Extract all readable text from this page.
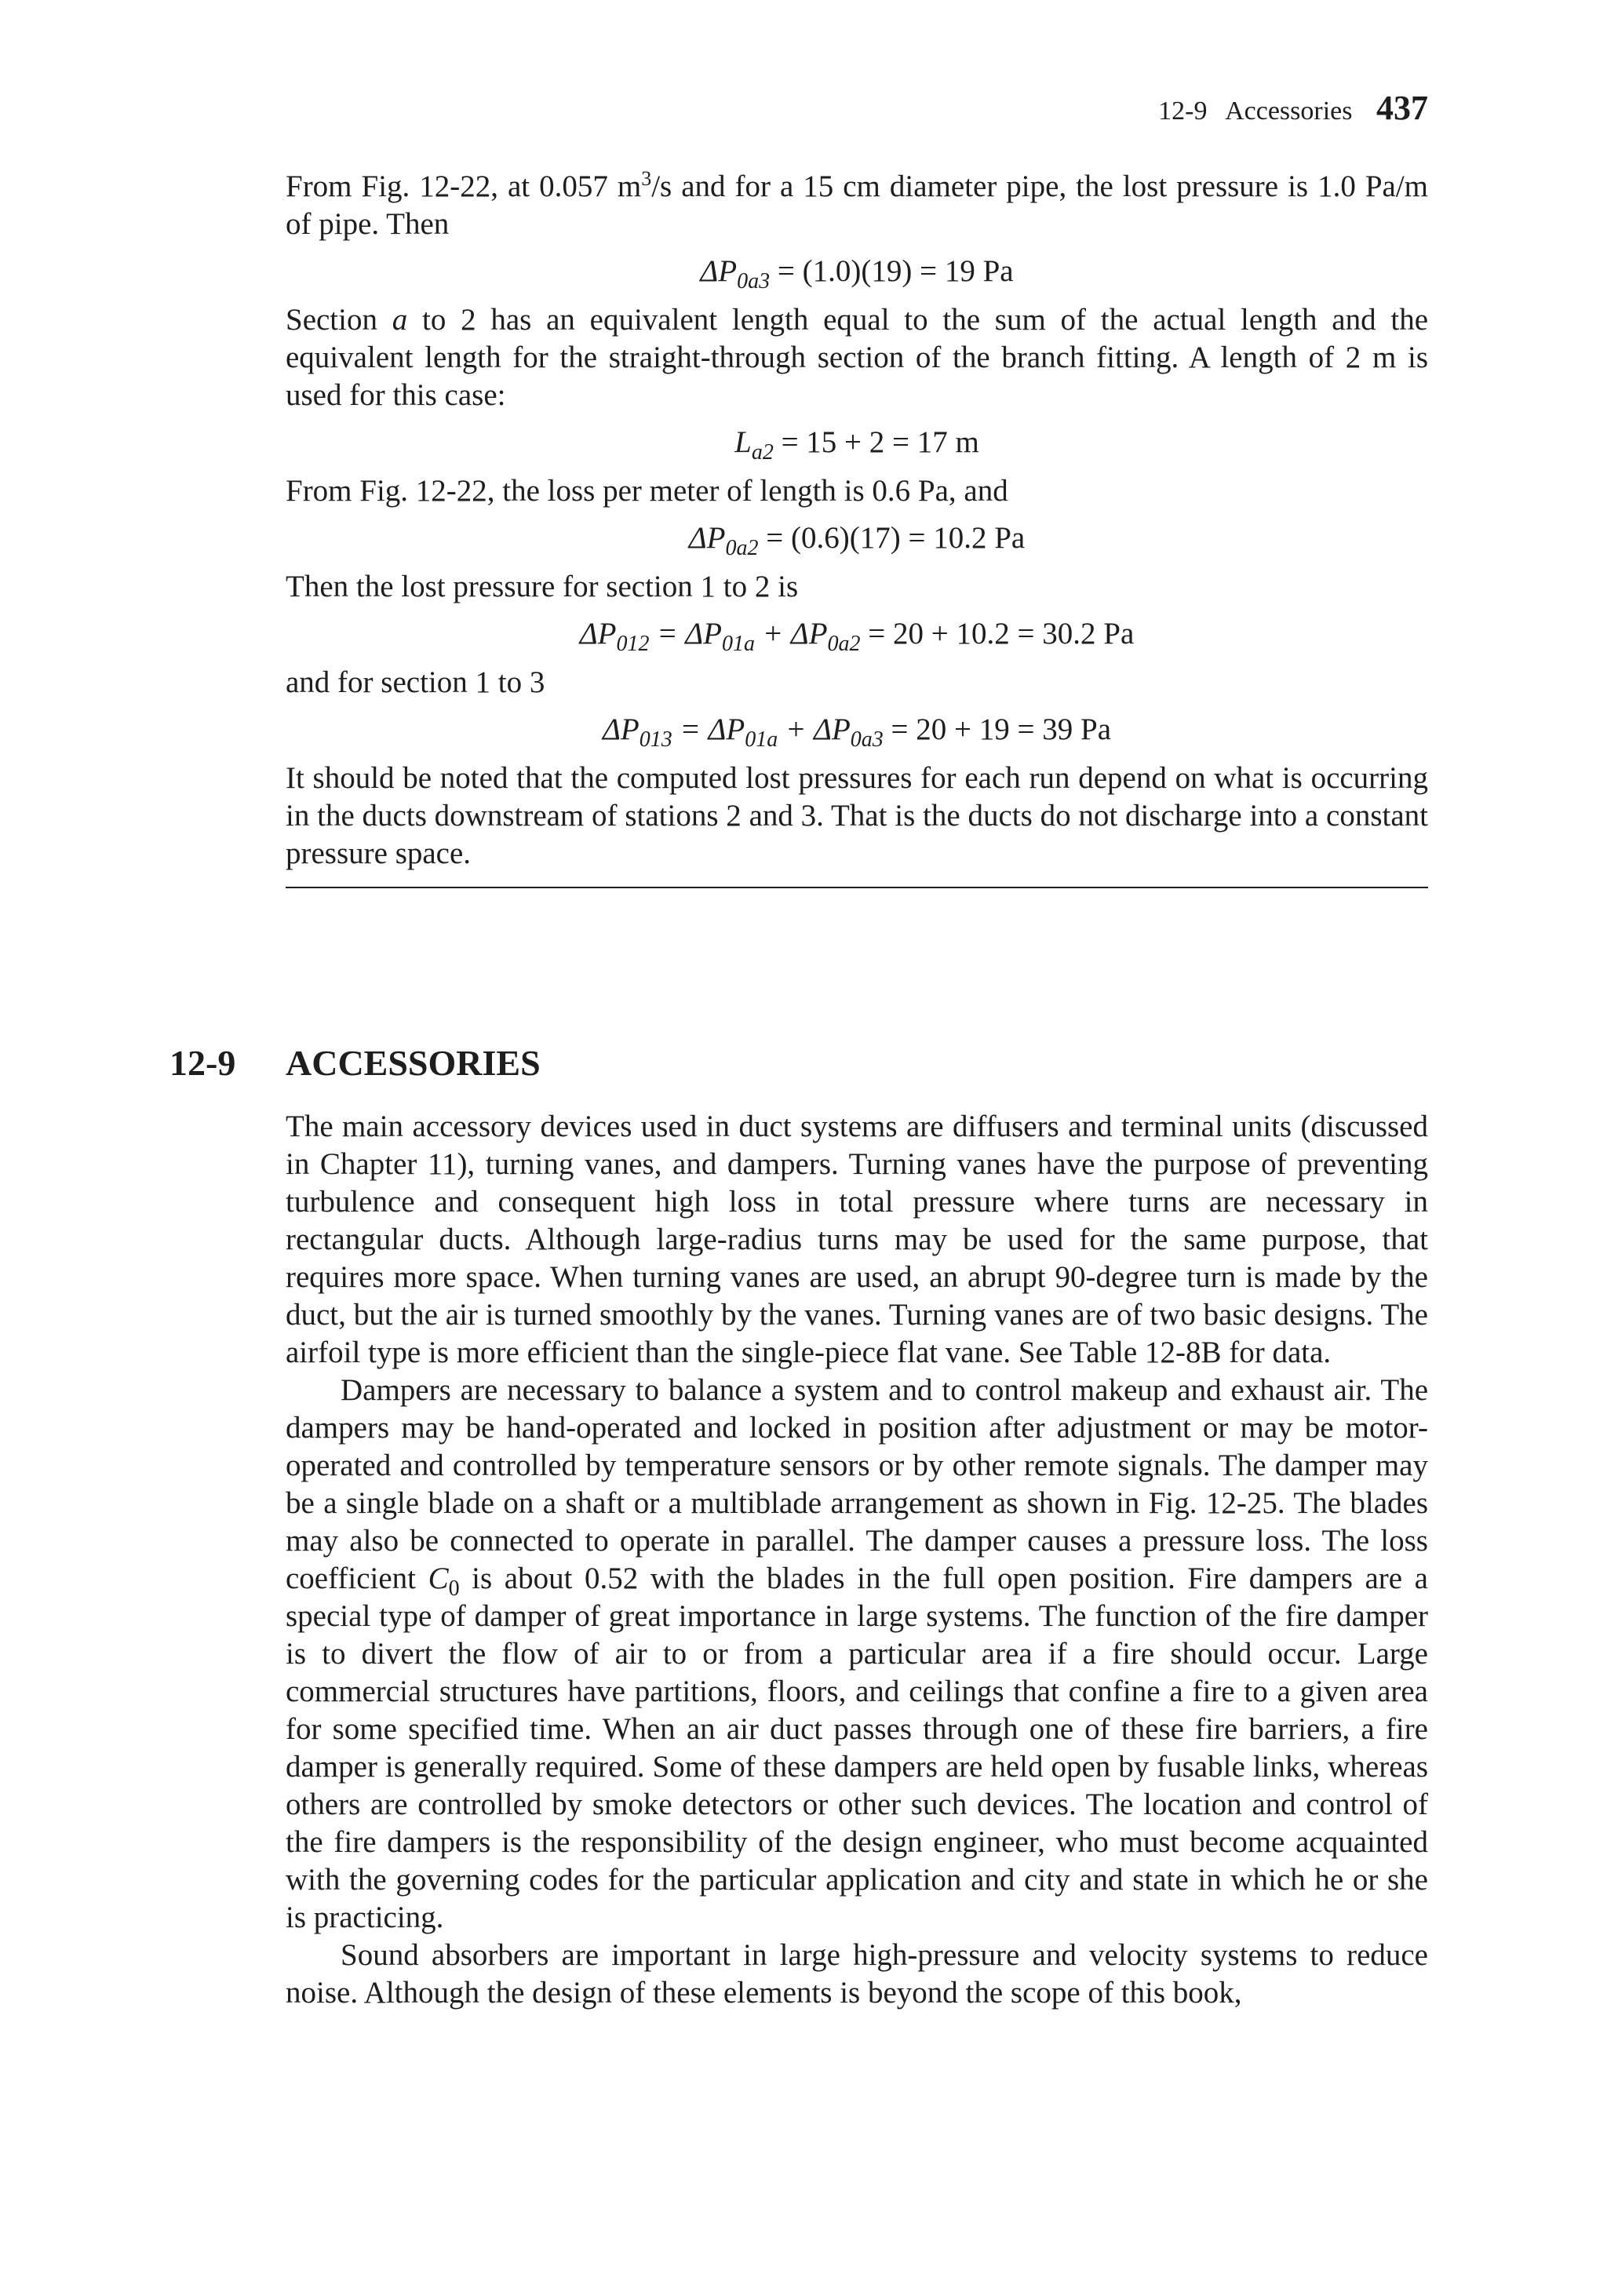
12-9 Accessories 437

From Fig. 12-22, at 0.057 $m^3/s$ and for a 15 cm diameter pipe, the lost pressure is 1.0 Pa/m of pipe. Then

$\Delta P_{0a3} = (1.0)(19) = 19$ Pa

Section a to 2 has an equivalent length equal to the sum of the actual length and the equivalent length for the straight-through section of the branch fitting. A length of 2 m is used for this case:

$L_{a2} = 15 + 2 = 17$ m

From Fig. 12-22, the loss per meter of length is 0.6 Pa, and

$\Delta P_{0a2} = (0.6)(17) = 10.2$ Pa

Then the lost pressure for section 1 to 2 is

$\Delta P_{012} = \Delta P_{01a} + \Delta P_{0a2} = 20 + 10.2 = 30.2$ Pa

and for section 1 to 3

$\Delta P_{013} = \Delta P_{01a} + \Delta P_{0a3} = 20 + 19 = 39$ Pa

It should be noted that the computed lost pressures for each run depend on what is occurring in the ducts downstream of stations 2 and 3. That is the ducts do not discharge into a constant pressure space.

12-9 ACCESSORIES

The main accessory devices used in duct systems are diffusers and terminal units (discussed in Chapter 11), turning vanes, and dampers. Turning vanes have the purpose of preventing turbulence and consequent high loss in total pressure where turns are necessary in rectangular ducts. Although large-radius turns may be used for the same purpose, that requires more space. When turning vanes are used, an abrupt 90-degree turn is made by the duct, but the air is turned smoothly by the vanes. Turning vanes are of two basic designs. The airfoil type is more efficient than the single-piece flat vane. See Table 12-8B for data.

Dampers are necessary to balance a system and to control makeup and exhaust air. The dampers may be hand-operated and locked in position after adjustment or may be motor-operated and controlled by temperature sensors or by other remote signals. The damper may be a single blade on a shaft or a multiblade arrangement as shown in Fig. 12-25. The blades may also be connected to operate in parallel. The damper causes a pressure loss. The loss coefficient $C_0$ is about 0.52 with the blades in the full open position. Fire dampers are a special type of damper of great importance in large systems. The function of the fire damper is to divert the flow of air to or from a particular area if a fire should occur. Large commercial structures have partitions, floors, and ceilings that confine a fire to a given area for some specified time. When an air duct passes through one of these fire barriers, a fire damper is generally required. Some of these dampers are held open by fusable links, whereas others are controlled by smoke detectors or other such devices. The location and control of the fire dampers is the responsibility of the design engineer, who must become acquainted with the governing codes for the particular application and city and state in which he or she is practicing.

Sound absorbers are important in large high-pressure and velocity systems to reduce noise. Although the design of these elements is beyond the scope of this book,
